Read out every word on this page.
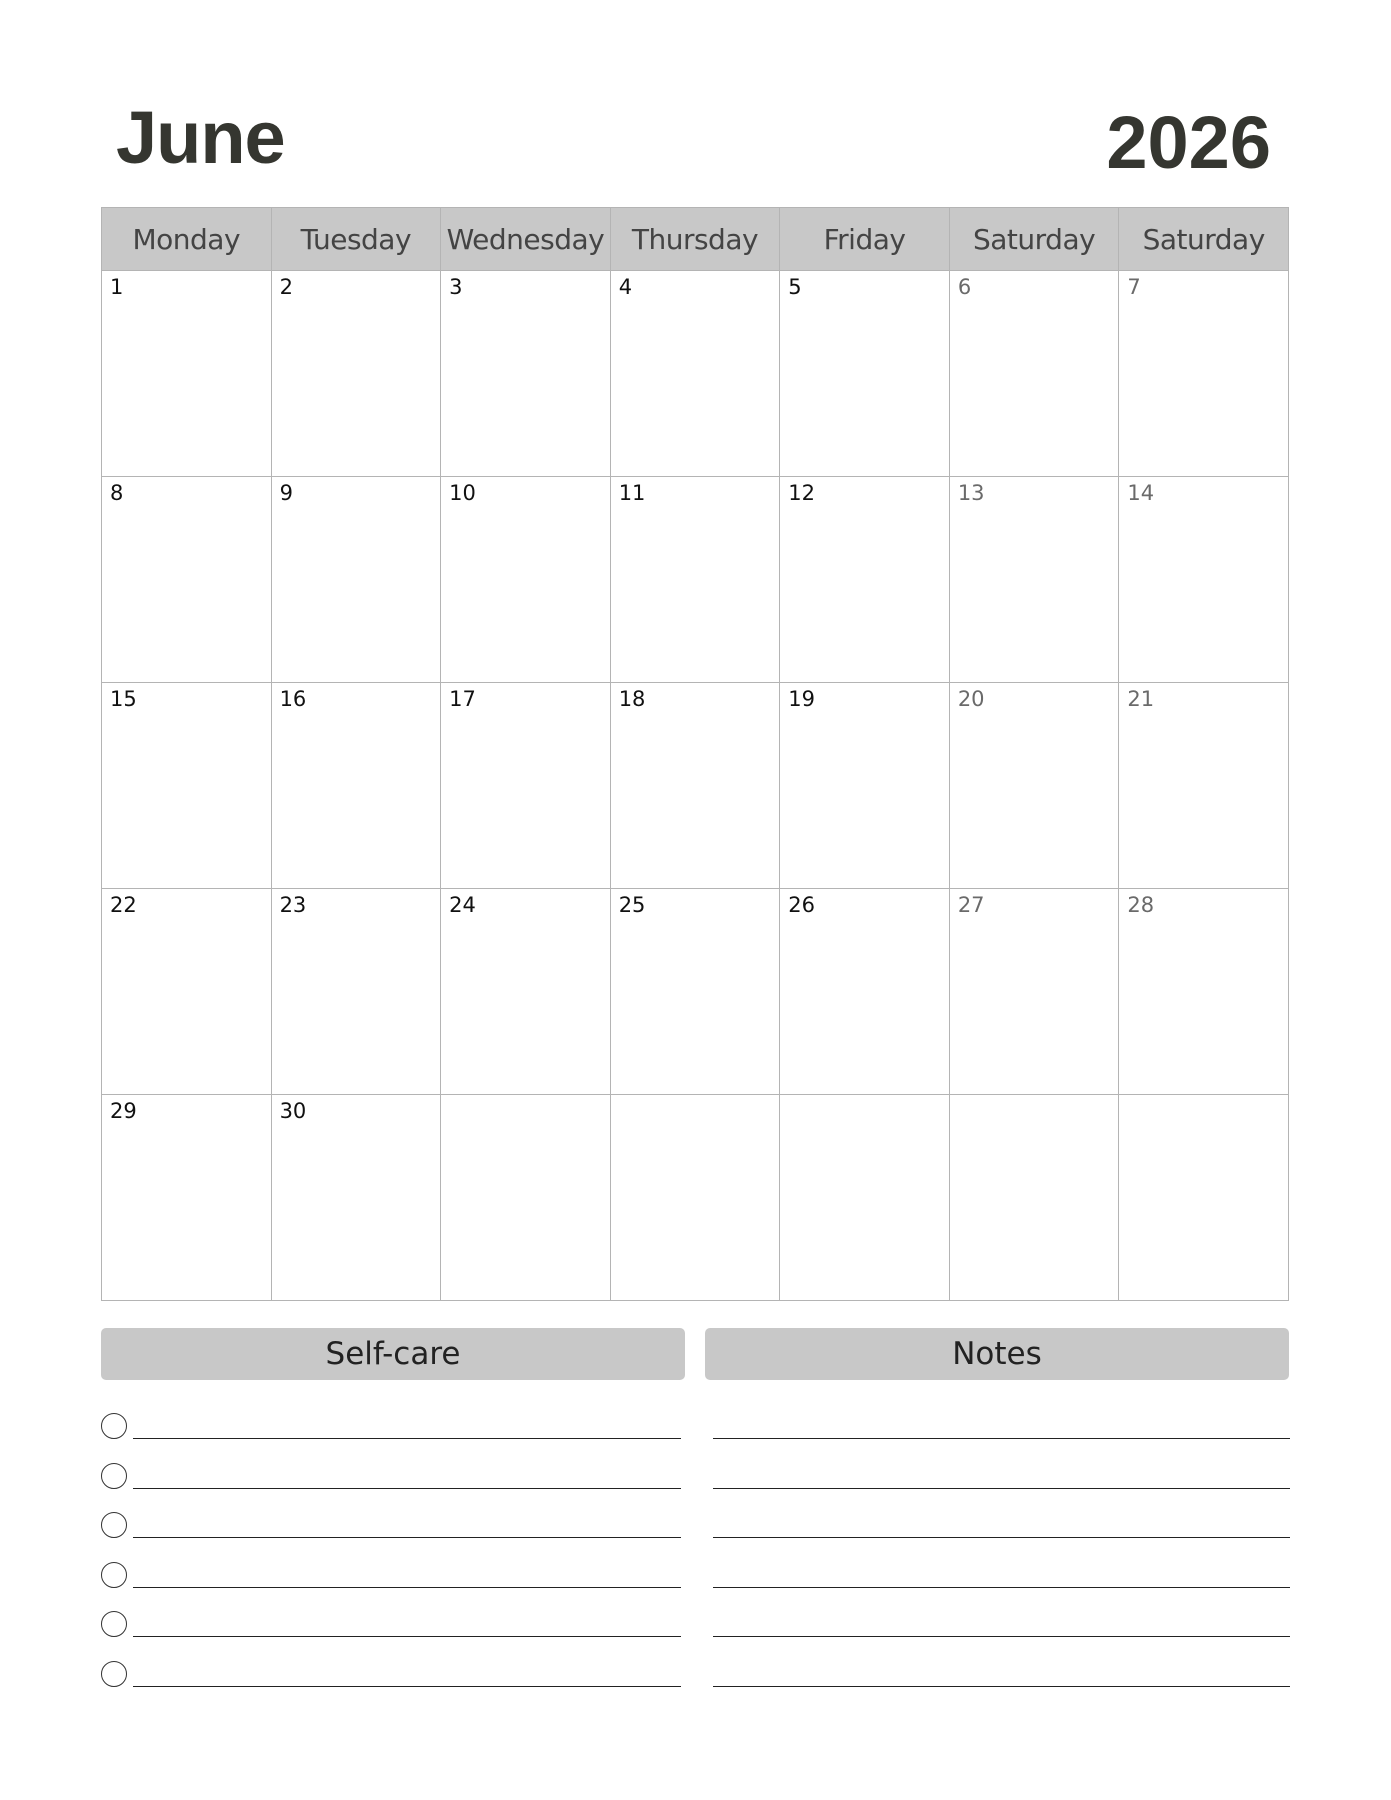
June	2026
Monday	Tuesday	Wednesday	Thursday	Friday	Saturday	Saturday

1	2	3	4	5	6	7

8	9	10	11	12	13	14

15	16	17	18	19	20	21

22	23	24	25	26	27	28

29	30					

Self-care	Notes
